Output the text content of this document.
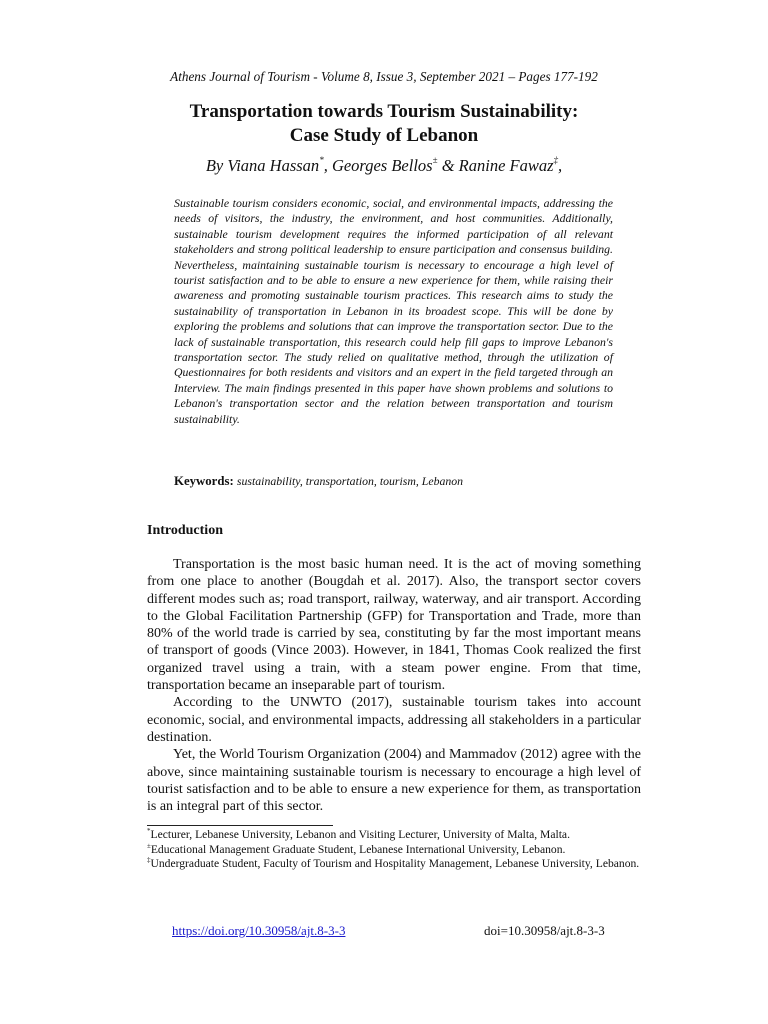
Athens Journal of Tourism - Volume 8, Issue 3, September 2021 – Pages 177-192
Transportation towards Tourism Sustainability:
Case Study of Lebanon
By Viana Hassan*, Georges Bellos± & Ranine Fawaz‡,

Sustainable tourism considers economic, social, and environmental impacts, addressing the needs of visitors, the industry, the environment, and host communities. Additionally, sustainable tourism development requires the informed participation of all relevant stakeholders and strong political leadership to ensure participation and consensus building. Nevertheless, maintaining sustainable tourism is necessary to encourage a high level of tourist satisfaction and to be able to ensure a new experience for them, while raising their awareness and promoting sustainable tourism practices. This research aims to study the sustainability of transportation in Lebanon in its broadest scope. This will be done by exploring the problems and solutions that can improve the transportation sector. Due to the lack of sustainable transportation, this research could help fill gaps to improve Lebanon's transportation sector. The study relied on qualitative method, through the utilization of Questionnaires for both residents and visitors and an expert in the field targeted through an Interview. The main findings presented in this paper have shown problems and solutions to Lebanon's transportation sector and the relation between transportation and tourism sustainability.

Keywords: sustainability, transportation, tourism, Lebanon
Introduction

Transportation is the most basic human need. It is the act of moving something from one place to another (Bougdah et al. 2017). Also, the transport sector covers different modes such as; road transport, railway, waterway, and air transport. According to the Global Facilitation Partnership (GFP) for Transportation and Trade, more than 80% of the world trade is carried by sea, constituting by far the most important means of transport of goods (Vince 2003). However, in 1841, Thomas Cook realized the first organized travel using a train, with a steam power engine. From that time, transportation became an inseparable part of tourism.

According to the UNWTO (2017), sustainable tourism takes into account economic, social, and environmental impacts, addressing all stakeholders in a particular destination.

Yet, the World Tourism Organization (2004) and Mammadov (2012) agree with the above, since maintaining sustainable tourism is necessary to encourage a high level of tourist satisfaction and to be able to ensure a new experience for them, as transportation is an integral part of this sector.

*Lecturer, Lebanese University, Lebanon and Visiting Lecturer, University of Malta, Malta.

±Educational Management Graduate Student, Lebanese International University, Lebanon.

‡Undergraduate Student, Faculty of Tourism and Hospitality Management, Lebanese University, Lebanon.

https://doi.org/10.30958/ajt.8-3-3	doi=10.30958/ajt.8-3-3
